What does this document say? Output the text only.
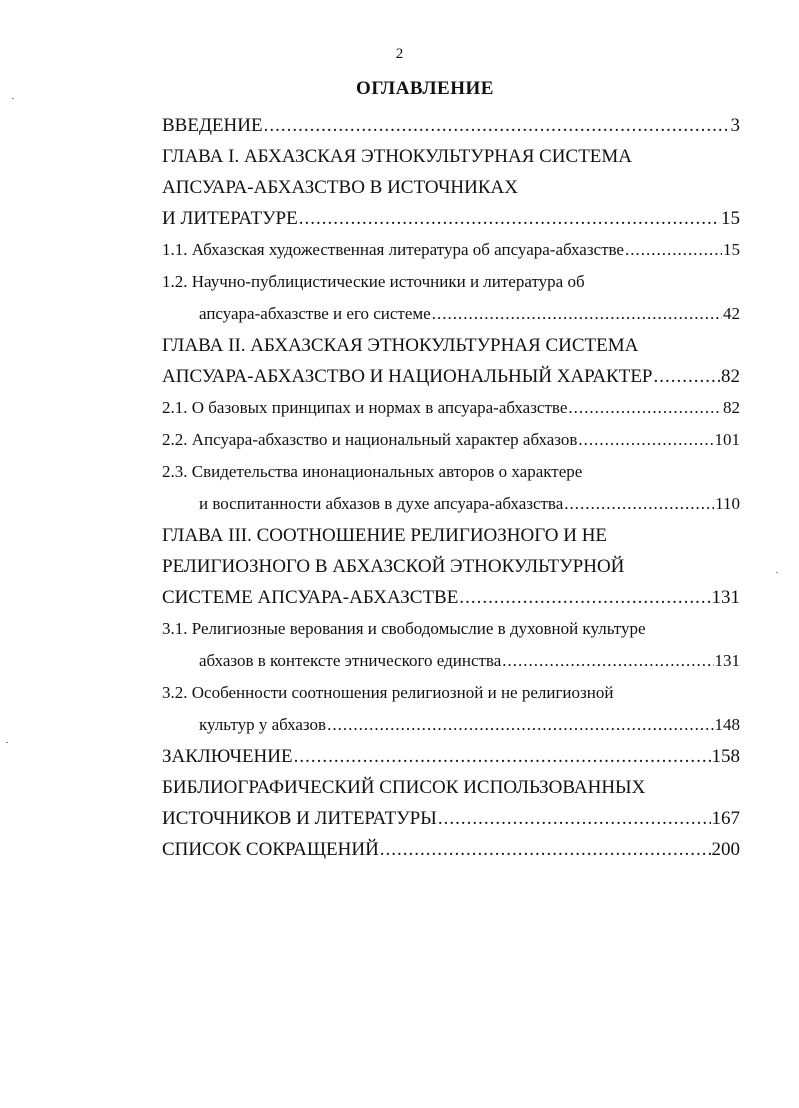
2
ОГЛАВЛЕНИЕ
ВВЕДЕНИЕ .....	3
ГЛАВА I. АБХАЗСКАЯ ЭТНОКУЛЬТУРНАЯ СИСТЕМА
АПСУАРА-АБХАЗСТВО В ИСТОЧНИКАХ
И ЛИТЕРАТУРЕ .....	15
1.1. Абхазская художественная литература об апсуара-абхазстве .....	15
1.2. Научно-публицистические источники и литература об
апсуара-абхазстве и его системе .....	42
ГЛАВА II. АБХАЗСКАЯ ЭТНОКУЛЬТУРНАЯ СИСТЕМА
АПСУАРА-АБХАЗСТВО И НАЦИОНАЛЬНЫЙ ХАРАКТЕР .....	82
2.1. О базовых принципах и нормах в апсуара-абхазстве .....	82
2.2. Апсуара-абхазство и национальный характер абхазов .....	101
2.3. Свидетельства инонациональных авторов о характере
и воспитанности абхазов в духе апсуара-абхазства .....	110
ГЛАВА III. СООТНОШЕНИЕ РЕЛИГИОЗНОГО И НЕ
РЕЛИГИОЗНОГО В АБХАЗСКОЙ ЭТНОКУЛЬТУРНОЙ
СИСТЕМЕ АПСУАРА-АБХАЗСТВЕ .....	131
3.1. Религиозные верования и свободомыслие в духовной культуре
абхазов в контексте этнического единства .....	131
3.2. Особенности соотношения религиозной и не религиозной
культур у абхазов .....	148
ЗАКЛЮЧЕНИЕ .....	158
БИБЛИОГРАФИЧЕСКИЙ СПИСОК ИСПОЛЬЗОВАННЫХ
ИСТОЧНИКОВ И ЛИТЕРАТУРЫ .....	167
СПИСОК СОКРАЩЕНИЙ .....	200
